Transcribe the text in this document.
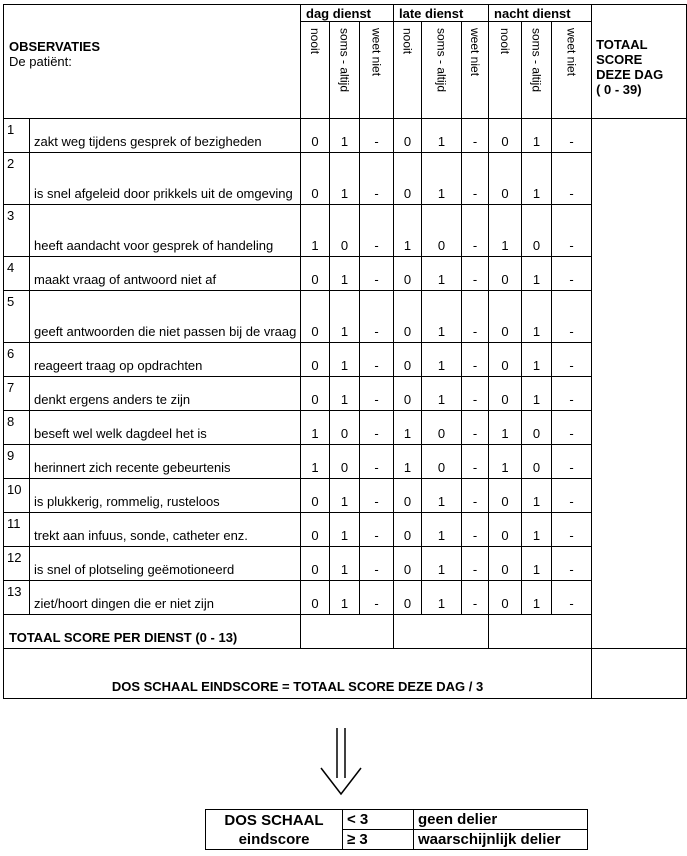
OBSERVATIES
De patiënt:		dag dienst			late dienst			nacht dienst			TOTAAL
SCORE
DEZE DAG
( 0 - 39)

		nooit	soms - altijd	weet niet	nooit	soms - altijd	weet niet	nooit	soms - altijd	weet niet	

1	zakt weg tijdens gesprek of bezigheden	0	1	-	0	1	-	0	1	-	
2	is snel afgeleid door prikkels uit de omgeving	0	1	-	0	1	-	0	1	-	
3	heeft aandacht voor gesprek of handeling	1	0	-	1	0	-	1	0	-	
4	maakt vraag of antwoord niet af	0	1	-	0	1	-	0	1	-	
5	geeft antwoorden die niet passen bij de vraag	0	1	-	0	1	-	0	1	-	
6	reageert traag op opdrachten	0	1	-	0	1	-	0	1	-	
7	denkt ergens anders te zijn	0	1	-	0	1	-	0	1	-	
8	beseft wel welk dagdeel het is	1	0	-	1	0	-	1	0	-	
9	herinnert zich recente gebeurtenis	1	0	-	1	0	-	1	0	-	
10	is plukkerig, rommelig, rusteloos	0	1	-	0	1	-	0	1	-	
11	trekt aan infuus, sonde, catheter enz.	0	1	-	0	1	-	0	1	-	
12	is snel of plotseling geëmotioneerd	0	1	-	0	1	-	0	1	-	
13	ziet/hoort dingen die er niet zijn	0	1	-	0	1	-	0	1	-	
TOTAAL SCORE PER DIENST (0 - 13)											
DOS SCHAAL EINDSCORE = TOTAAL SCORE DEZE DAG / 3											
DOS SCHAAL
eindscore	< 3	geen delier
	≥ 3	waarschijnlijk delier
